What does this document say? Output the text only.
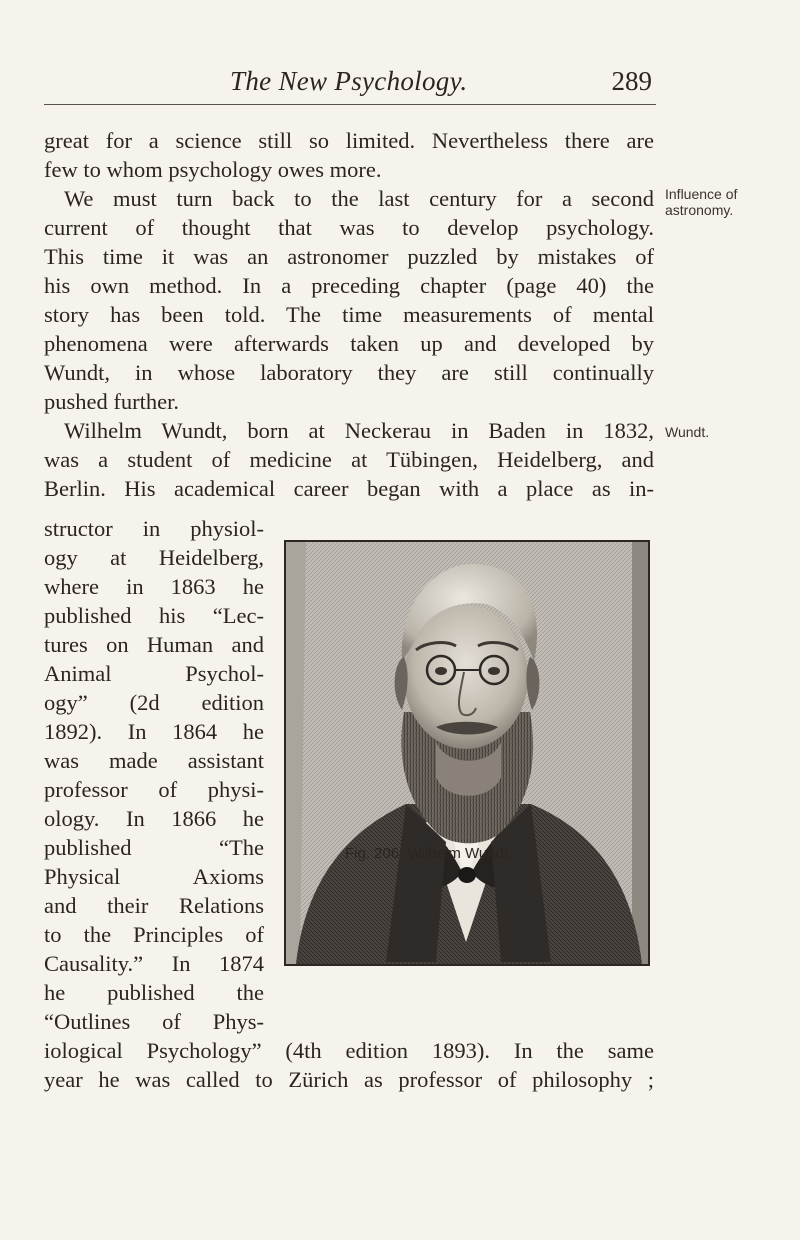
The New Psychology.	289
great for a science still so limited. Nevertheless there are
few to whom psychology owes more.
We must turn back to the last century for a second
current of thought that was to develop psychology.
This time it was an astronomer puzzled by mistakes of
his own method. In a preceding chapter (page 40) the
story has been told. The time measurements of mental
phenomena were afterwards taken up and developed by
Wundt, in whose laboratory they are still continually
pushed further.
Wilhelm Wundt, born at Neckerau in Baden in 1832,
was a student of medicine at Tübingen, Heidelberg, and
Berlin. His academical career began with a place as in-
Influence of
astronomy.
Wundt.
structor in physiol-
ogy at Heidelberg,
where in 1863 he
published his “Lec-
tures on Human and
Animal Psychol-
ogy” (2d edition
1892). In 1864 he
was made assistant
professor of physi-
ology. In 1866 he
published “The
Physical Axioms
and their Relations
to the Principles of
Causality.” In 1874
he published the
“Outlines of Phys-
Fig. 206. Wilhelm Wundt.
iological Psychology” (4th edition 1893). In the same
year he was called to Zürich as professor of philosophy ;
